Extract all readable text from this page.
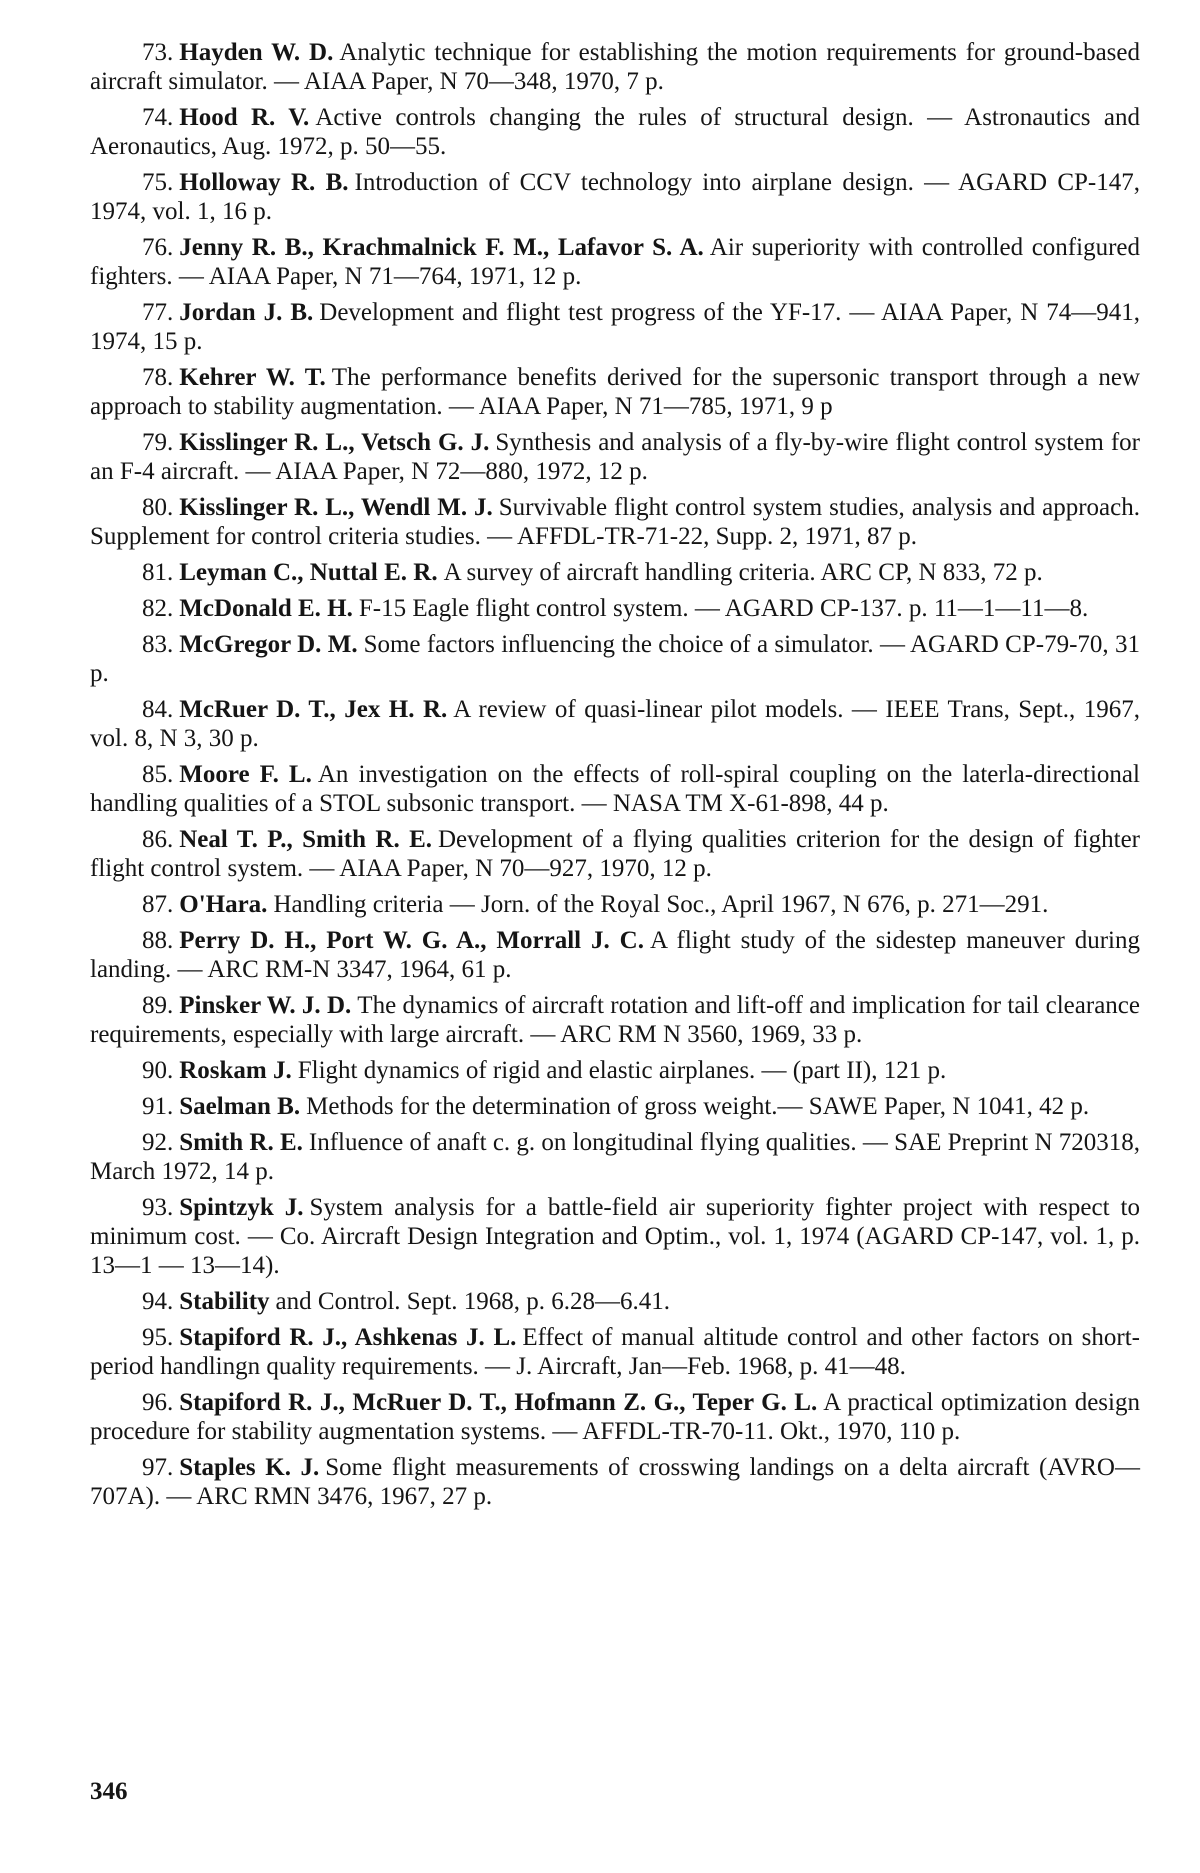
73. Hayden W. D. Analytic technique for establishing the motion requirements for ground-based aircraft simulator. — AIAA Paper, N 70—348, 1970, 7 p.

74. Hood R. V. Active controls changing the rules of structural design. — Astronautics and Aeronautics, Aug. 1972, p. 50—55.

75. Holloway R. B. Introduction of CCV technology into airplane design. — AGARD CP-147, 1974, vol. 1, 16 p.

76. Jenny R. B., Krachmalnick F. M., Lafavor S. A. Air superiority with controlled configured fighters. — AIAA Paper, N 71—764, 1971, 12 p.

77. Jordan J. B. Development and flight test progress of the YF-17. — AIAA Paper, N 74—941, 1974, 15 p.

78. Kehrer W. T. The performance benefits derived for the supersonic transport through a new approach to stability augmentation. — AIAA Paper, N 71—785, 1971, 9 p

79. Kisslinger R. L., Vetsch G. J. Synthesis and analysis of a fly-by-wire flight control system for an F-4 aircraft. — AIAA Paper, N 72—880, 1972, 12 p.

80. Kisslinger R. L., Wendl M. J. Survivable flight control system studies, analysis and approach. Supplement for control criteria studies. — AFFDL-TR-71-22, Supp. 2, 1971, 87 p.

81. Leyman C., Nuttal E. R. A survey of aircraft handling criteria. ARC CP, N 833, 72 p.

82. McDonald E. H. F-15 Eagle flight control system. — AGARD CP-137. p. 11—1—11—8.

83. McGregor D. M. Some factors influencing the choice of a simulator. — AGARD CP-79-70, 31 p.

84. McRuer D. T., Jex H. R. A review of quasi-linear pilot models. — IEEE Trans, Sept., 1967, vol. 8, N 3, 30 p.

85. Moore F. L. An investigation on the effects of roll-spiral coupling on the laterla-directional handling qualities of a STOL subsonic transport. — NASA TM X-61-898, 44 p.

86. Neal T. P., Smith R. E. Development of a flying qualities criterion for the design of fighter flight control system. — AIAA Paper, N 70—927, 1970, 12 p.

87. O'Hara. Handling criteria — Jorn. of the Royal Soc., April 1967, N 676, p. 271—291.

88. Perry D. H., Port W. G. A., Morrall J. C. A flight study of the sidestep maneuver during landing. — ARC RM-N 3347, 1964, 61 p.

89. Pinsker W. J. D. The dynamics of aircraft rotation and lift-off and implication for tail clearance requirements, especially with large aircraft. — ARC RM N 3560, 1969, 33 p.

90. Roskam J. Flight dynamics of rigid and elastic airplanes. — (part II), 121 p.

91. Saelman B. Methods for the determination of gross weight.— SAWE Paper, N 1041, 42 p.

92. Smith R. E. Influence of anaft c. g. on longitudinal flying qualities. — SAE Preprint N 720318, March 1972, 14 p.

93. Spintzyk J. System analysis for a battle-field air superiority fighter project with respect to minimum cost. — Co. Aircraft Design Integration and Optim., vol. 1, 1974 (AGARD CP-147, vol. 1, p. 13—1 — 13—14).

94. Stability and Control. Sept. 1968, p. 6.28—6.41.

95. Stapiford R. J., Ashkenas J. L. Effect of manual altitude control and other factors on short-period handlingn quality requirements. — J. Aircraft, Jan—Feb. 1968, p. 41—48.

96. Stapiford R. J., McRuer D. T., Hofmann Z. G., Teper G. L. A practical optimization design procedure for stability augmentation systems. — AFFDL-TR-70-11. Okt., 1970, 110 p.

97. Staples K. J. Some flight measurements of crosswing landings on a delta aircraft (AVRO—707A). — ARC RMN 3476, 1967, 27 p.

346
